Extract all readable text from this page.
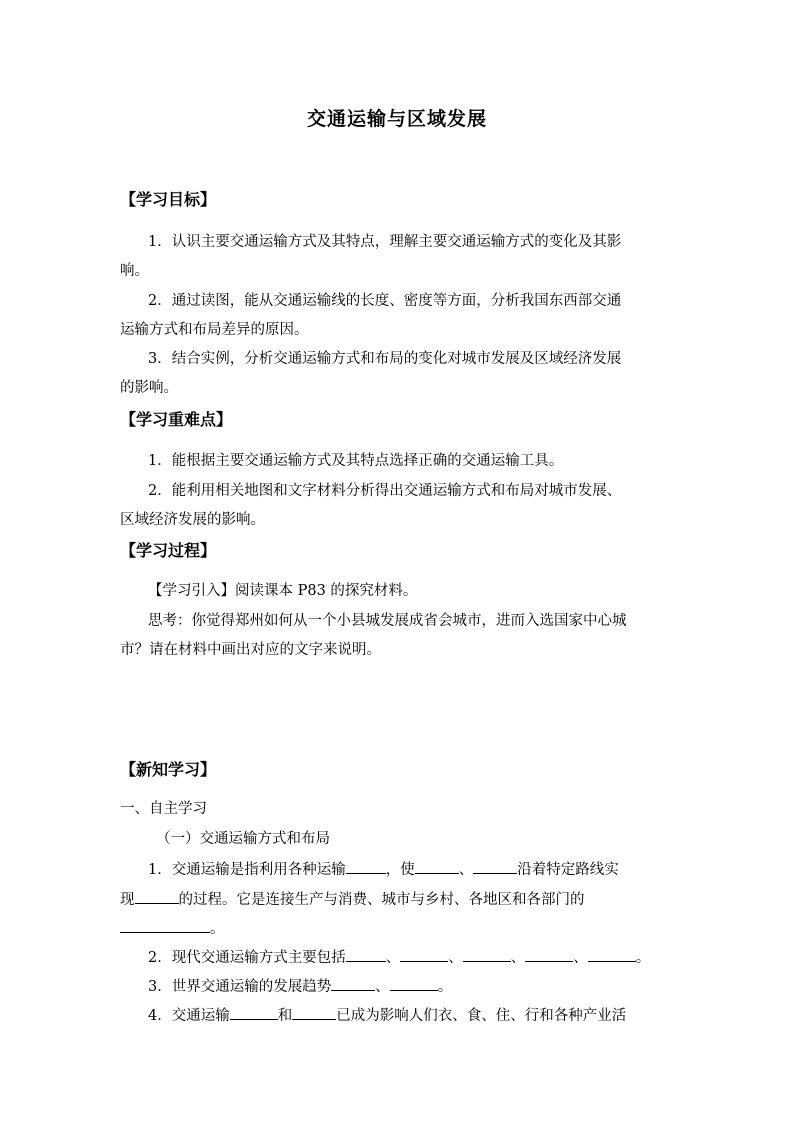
交通运输与区域发展
【学习目标】
1．认识主要交通运输方式及其特点，理解主要交通运输方式的变化及其影
响。
2．通过读图，能从交通运输线的长度、密度等方面，分析我国东西部交通
运输方式和布局差异的原因。
3．结合实例，分析交通运输方式和布局的变化对城市发展及区域经济发展
的影响。
【学习重难点】
1．能根据主要交通运输方式及其特点选择正确的交通运输工具。
2．能利用相关地图和文字材料分析得出交通运输方式和布局对城市发展、
区域经济发展的影响。
【学习过程】
【学习引入】阅读课本 P83 的探究材料。
思考：你觉得郑州如何从一个小县城发展成省会城市，进而入选国家中心城
市？请在材料中画出对应的文字来说明。
【新知学习】
一、自主学习
（一）交通运输方式和布局
1．交通运输是指利用各种运输	，使	、	沿着特定路线实
现	的过程。它是连接生产与消费、城市与乡村、各地区和各部门的
。
2．现代交通运输方式主要包括	、	、	、	、	。
3．世界交通运输的发展趋势	、	。
4．交通运输	和	已成为影响人们衣、食、住、行和各种产业活
